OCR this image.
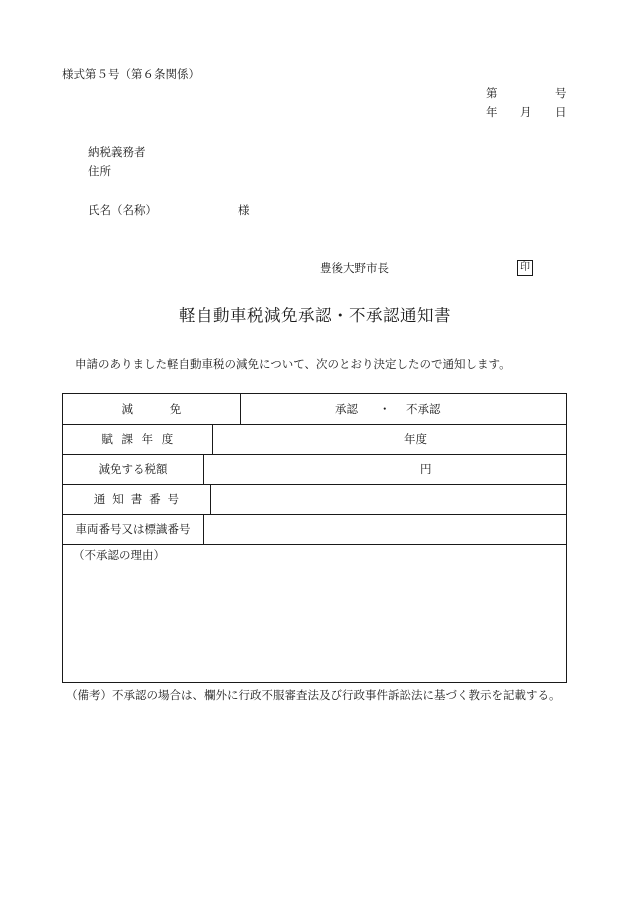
様式第５号（第６条関係）
第	号
年 月 日
納税義務者
住所
氏名（名称）	様
豊後大野市長	印
軽自動車税減免承認・不承認通知書
申請のありました軽自動車税の減免について、次のとおり決定したので通知します。
減免	承認 ・ 不承認
賦課年度	年度
減免する税額	円
通知書番号
車両番号又は標識番号
（不承認の理由）
（備考）不承認の場合は、欄外に行政不服審査法及び行政事件訴訟法に基づく教示を記載する。
